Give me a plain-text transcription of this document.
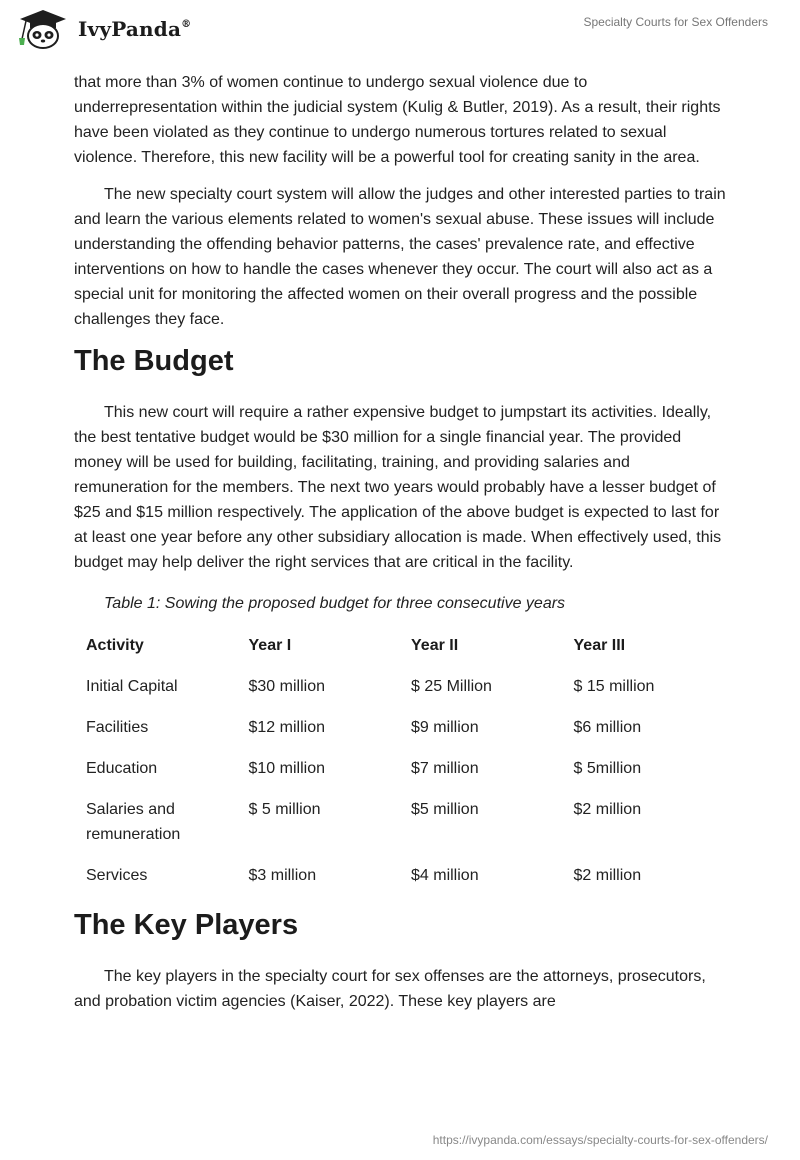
IvyPanda®	Specialty Courts for Sex Offenders

that more than 3% of women continue to undergo sexual violence due to underrepresentation within the judicial system (Kulig & Butler, 2019). As a result, their rights have been violated as they continue to undergo numerous tortures related to sexual violence. Therefore, this new facility will be a powerful tool for creating sanity in the area.

The new specialty court system will allow the judges and other interested parties to train and learn the various elements related to women's sexual abuse. These issues will include understanding the offending behavior patterns, the cases' prevalence rate, and effective interventions on how to handle the cases whenever they occur. The court will also act as a special unit for monitoring the affected women on their overall progress and the possible challenges they face.

The Budget

This new court will require a rather expensive budget to jumpstart its activities. Ideally, the best tentative budget would be $30 million for a single financial year. The provided money will be used for building, facilitating, training, and providing salaries and remuneration for the members. The next two years would probably have a lesser budget of $25 and $15 million respectively. The application of the above budget is expected to last for at least one year before any other subsidiary allocation is made. When effectively used, this budget may help deliver the right services that are critical in the facility.

Table 1: Sowing the proposed budget for three consecutive years
Activity	Year I	Year II	Year III
Initial Capital	$30 million	$ 25 Million	$ 15 million
Facilities	$12 million	$9 million	$6 million
Education	$10 million	$7 million	$ 5million
Salaries and remuneration	$ 5 million	$5 million	$2 million
Services	$3 million	$4 million	$2 million
The Key Players

The key players in the specialty court for sex offenses are the attorneys, prosecutors, and probation victim agencies (Kaiser, 2022). These key players are

https://ivypanda.com/essays/specialty-courts-for-sex-offenders/
